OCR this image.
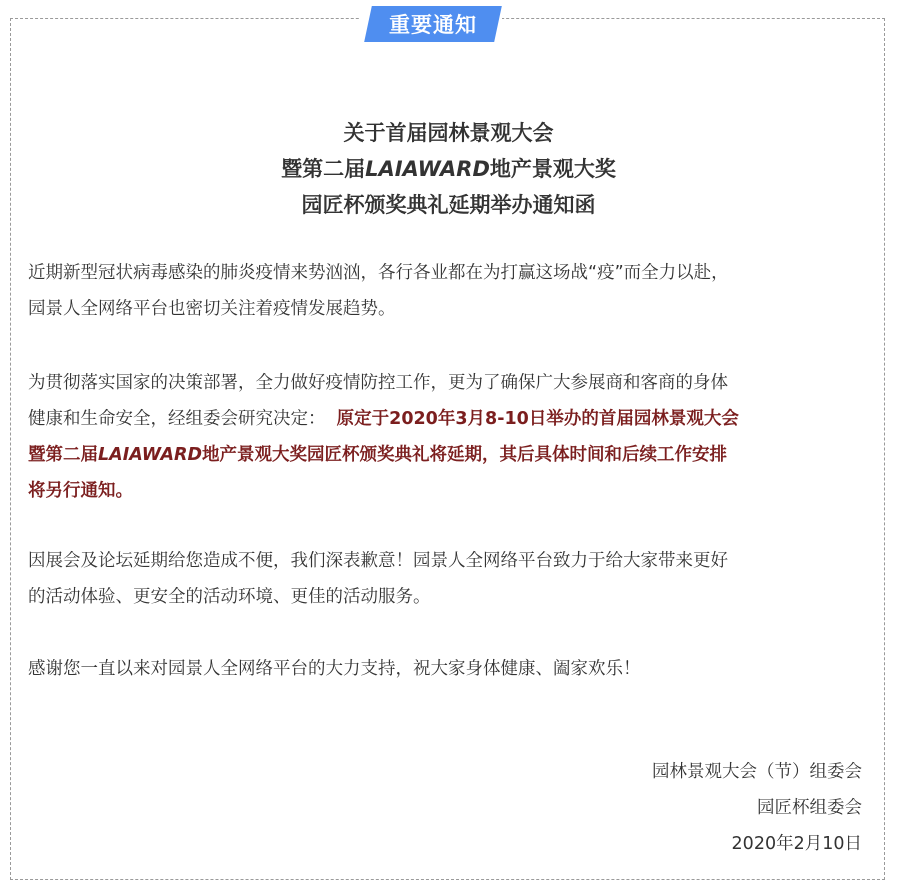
重要通知
关于首届园林景观大会
暨第二届LAIAWARD地产景观大奖
园匠杯颁奖典礼延期举办通知函
近期新型冠状病毒感染的肺炎疫情来势汹汹，各行各业都在为打赢这场战“疫”而全力以赴，
园景人全网络平台也密切关注着疫情发展趋势。
为贯彻落实国家的决策部署，全力做好疫情防控工作，更为了确保广大参展商和客商的身体
健康和生命安全，经组委会研究决定： 原定于2020年3月8-10日举办的首届园林景观大会
暨第二届LAIAWARD地产景观大奖园匠杯颁奖典礼将延期，其后具体时间和后续工作安排
将另行通知。
因展会及论坛延期给您造成不便，我们深表歉意！园景人全网络平台致力于给大家带来更好
的活动体验、更安全的活动环境、更佳的活动服务。
感谢您一直以来对园景人全网络平台的大力支持，祝大家身体健康、阖家欢乐！
园林景观大会（节）组委会
园匠杯组委会
2020年2月10日
